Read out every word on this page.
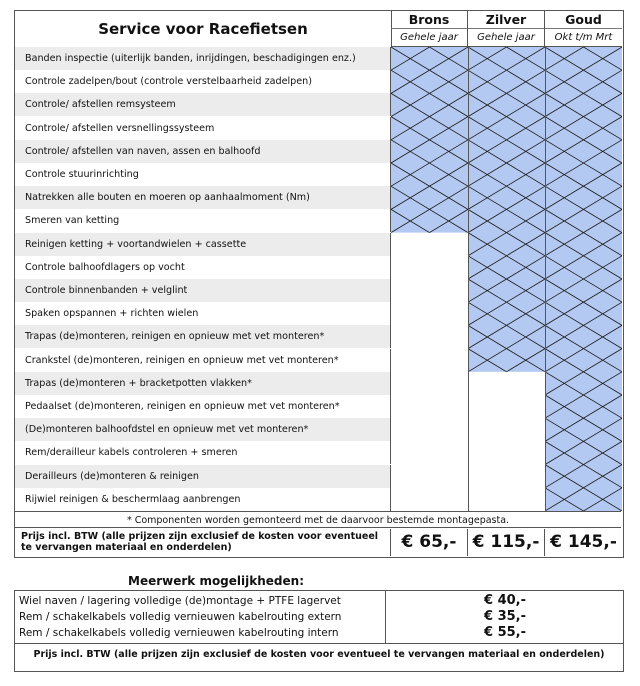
Service voor Racefietsen
Brons
Gehele jaar
Zilver
Gehele jaar
Goud
Okt t/m Mrt
Banden inspectie (uiterlijk banden, inrijdingen, beschadigingen enz.)
Controle zadelpen/bout (controle verstelbaarheid zadelpen)
Controle/ afstellen remsysteem
Controle/ afstellen versnellingssysteem
Controle/ afstellen van naven, assen en balhoofd
Controle stuurinrichting
Natrekken alle bouten en moeren op aanhaalmoment (Nm)
Smeren van ketting
Reinigen ketting + voortandwielen + cassette
Controle balhoofdlagers op vocht
Controle binnenbanden + velglint
Spaken opspannen + richten wielen
Trapas (de)monteren, reinigen en opnieuw met vet monteren*
Crankstel (de)monteren, reinigen en opnieuw met vet monteren*
Trapas (de)monteren + bracketpotten vlakken*
Pedaalset (de)monteren, reinigen en opnieuw met vet monteren*
(De)monteren balhoofdstel en opnieuw met vet monteren*
Rem/derailleur kabels controleren + smeren
Derailleurs (de)monteren & reinigen
Rijwiel reinigen & beschermlaag aanbrengen
* Componenten worden gemonteerd met de daarvoor bestemde montagepasta.
Prijs incl. BTW (alle prijzen zijn exclusief de kosten voor eventueel te vervangen materiaal en onderdelen)	€ 65,- € 115,- € 145,-
Meerwerk mogelijkheden:
Wiel naven / lagering volledige (de)montage + PTFE lagervet	€ 40,-
Rem / schakelkabels volledig vernieuwen kabelrouting extern	€ 35,-
Rem / schakelkabels volledig vernieuwen kabelrouting intern	€ 55,-
Prijs incl. BTW (alle prijzen zijn exclusief de kosten voor eventueel te vervangen materiaal en onderdelen)
